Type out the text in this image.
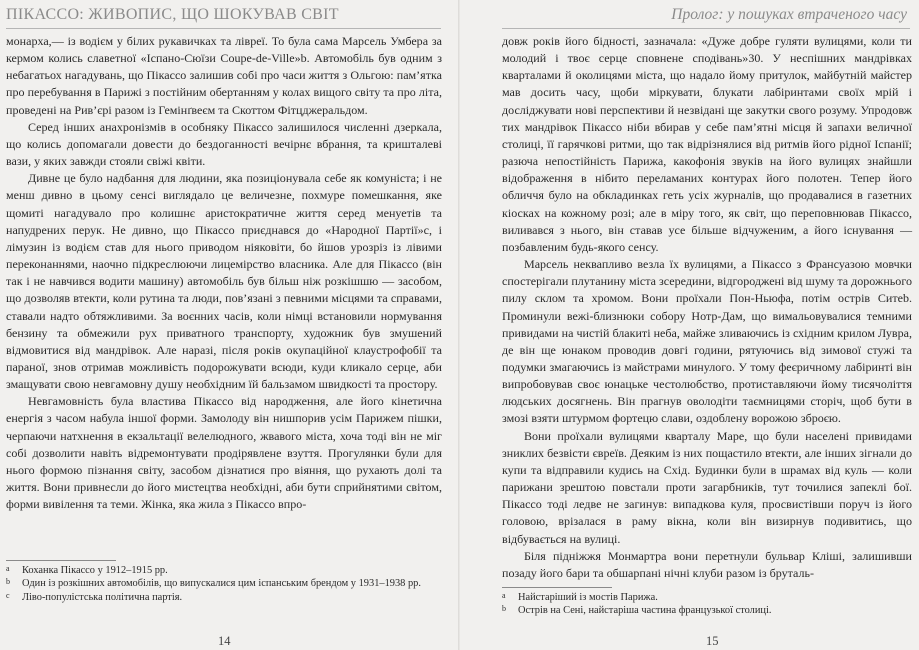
ПІКАССО: ЖИВОПИС, ЩО ШОКУВАВ СВІТ

монарха,— із водієм у білих рукавичках та лівреї. То була сама Марсель Умберa за кермом колись славетної «Іспано-Сюїзи Coupe-de-Ville»b. Автомобіль був одним з небагатьох нагадувань, що Пікассо залишив собі про часи життя з Ольгою: пам’ятка про перебування в Парижі з постійним обертанням у колах вищого світу та про літа, проведені на Рив’єрі разом із Гемінґвеєм та Скоттом Фітцджеральдом.

Серед інших анахронізмів в особняку Пікассо залишилося численні дзеркала, що колись допомагали довести до бездоганності вечірнє вбрання, та кришталеві вази, у яких завжди стояли свіжі квіти.

Дивне це було надбання для людини, яка позиціонувала себе як комуніста; і не менш дивно в цьому сенсі виглядало це величезне, похмуре помешкання, яке щомиті нагадувало про колишнє аристократичне життя серед менуетів та напудрених перук. Не дивно, що Пікассо приєднався до «Народної Партії»c, і лімузин із водієм став для нього приводом ніяковіти, бо йшов урозріз із лівими переконаннями, наочно підкреслюючи лицемірство власника. Але для Пікассо (він так і не навчився водити машину) автомобіль був більш ніж розкішшю — засобом, що дозволяв втекти, коли рутина та люди, пов’язані з певними місцями та справами, ставали надто обтяжливими. За воєнних часів, коли німці встановили нормування бензину та обмежили рух приватного транспорту, художник був змушений відмовитися від мандрівок. Але наразі, після років окупаційної клаустрофобії та параної, знов отримав можливість подорожувати всюди, куди кликало серце, аби змащувати свою невгамовну душу необхідним їй бальзамом швидкості та простору.

Невгамовність була властива Пікассо від народження, але його кінетична енергія з часом набула іншої форми. Замолоду він нишпорив усім Парижем пішки, черпаючи натхнення в екзальтації велелюдного, жвавого міста, хоча тоді він не міг собі дозволити навіть відремонтувати продірявлене взуття. Прогулянки були для нього формою пізнання світу, засобом дізнатися про віяння, що рухають долі та життя. Вони привнесли до його мистецтва необхідні, аби бути сприйнятими світом, форми вивілення та теми. Жінка, яка жила з Пікассо впро-

a	Коханка Пікассо у 1912–1915 рр.
b	Один із розкішних автомобілів, що випускалися цим іспанським брендом у 1931–1938 рр.
c	Ліво-популістська політична партія.
14
Пролог: у пошуках втраченого часу

довж років його бідності, зазначала: «Дуже добре гуляти вулицями, коли ти молодий і твоє серце сповнене сподівань»30. У неспішних мандрівках кварталами й околицями міста, що надало йому притулок, майбутній майстер мав досить часу, щоби міркувати, блукати лабіринтами своїх мрій і досліджувати нові перспективи й незвідані ще закутки свого розуму. Упродовж тих мандрівок Пікассо ніби вбирав у себе пам’ятні місця й запахи величної столиці, її гарячкові ритми, що так відрізнялися від ритмів його рідної Іспанії; разюча непостійність Парижа, какофонія звуків на його вулицях знайшли відображення в нібито переламаних контурах його полотен. Тепер його обличчя було на обкладинках геть усіх журналів, що продавалися в газетних кіосках на кожному розі; але в міру того, як світ, що переповнював Пікассо, виливався з нього, він ставав усе більше відчуженим, а його існування — позбавленим будь-якого сенсу.

Марсель неквапливо везла їх вулицями, а Пікассо з Франсуазою мовчки спостерігали плутанину міста зсередини, відгороджені від шуму та дорожнього пилу склом та хромом. Вони проїхали Пон-Ньюфa, потім острів Ситеb. Проминули вежі-близнюки собору Нотр-Дам, що вимальовувалися темними привидами на чистій блакиті неба, майже зливаючись із східним крилом Лувра, де він ще юнаком проводив довгі години, рятуючись від зимової стужі та подумки змагаючись із майстрами минулого. У тому феєричному лабіринті він випробовував своє юнацьке честолюбство, протиставляючи йому тисячоліття людських досягнень. Він прагнув оволодіти таємницями сторіч, щоб бути в змозі взяти штурмом фортецю слави, оздоблену ворожою зброєю.

Вони проїхали вулицями кварталу Маре, що були населені привидами зниклих безвісти євреїв. Деяким із них пощастило втекти, але інших зігнали до купи та відправили кудись на Схід. Будинки були в шрамах від куль — коли парижани зрештою повстали проти загарбників, тут точилися запеклі бої. Пікассо тоді ледве не загинув: випадкова куля, просвистівши поруч із його головою, врізалася в раму вікна, коли він визирнув подивитись, що відбувається на вулиці.

Біля підніжжя Монмартра вони перетнули бульвар Кліші, залишивши позаду його бари та обшарпані нічні клуби разом із бруталь-

a	Найстаріший із мостів Парижа.
b	Острів на Сені, найстаріша частина французької столиці.
15
